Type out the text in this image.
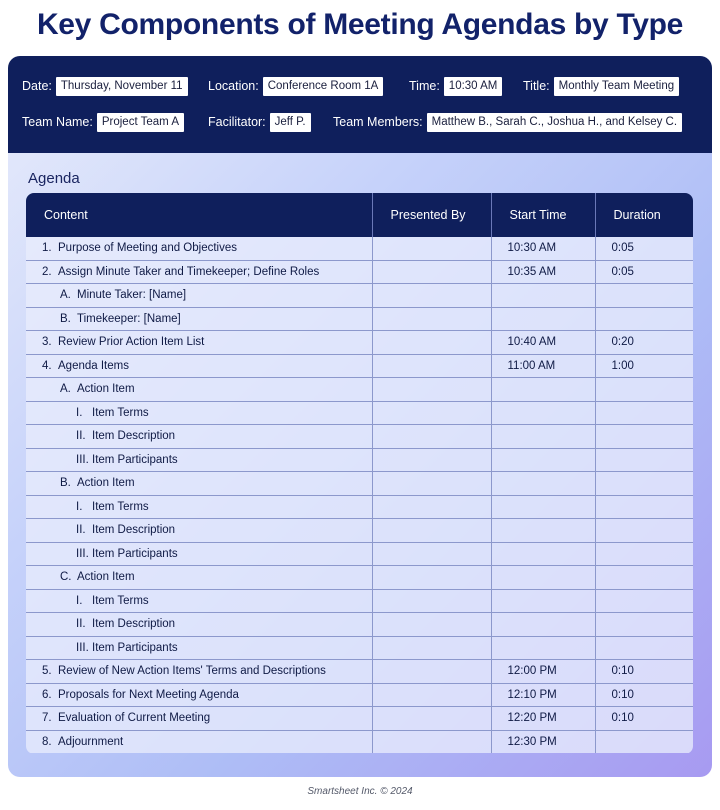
Key Components of Meeting Agendas by Type
Date: Thursday, November 11	Location: Conference Room 1A	Time: 10:30 AM	Title: Monthly Team Meeting
Team Name: Project Team A	Facilitator: Jeff P.	Team Members: Matthew B., Sarah C., Joshua H., and Kelsey C.
Agenda
Content	Presented By	Start Time	Duration
1. Purpose of Meeting and Objectives		10:30 AM	0:05
2. Assign Minute Taker and Timekeeper; Define Roles		10:35 AM	0:05
A. Minute Taker: [Name]			
B. Timekeeper: [Name]			
3. Review Prior Action Item List		10:40 AM	0:20
4. Agenda Items		11:00 AM	1:00
A. Action Item			
I. Item Terms			
II. Item Description			
III. Item Participants			
B. Action Item			
I. Item Terms			
II. Item Description			
III. Item Participants			
C. Action Item			
I. Item Terms			
II. Item Description			
III. Item Participants			
5. Review of New Action Items' Terms and Descriptions		12:00 PM	0:10
6. Proposals for Next Meeting Agenda		12:10 PM	0:10
7. Evaluation of Current Meeting		12:20 PM	0:10
8. Adjournment		12:30 PM	
Smartsheet Inc. © 2024
